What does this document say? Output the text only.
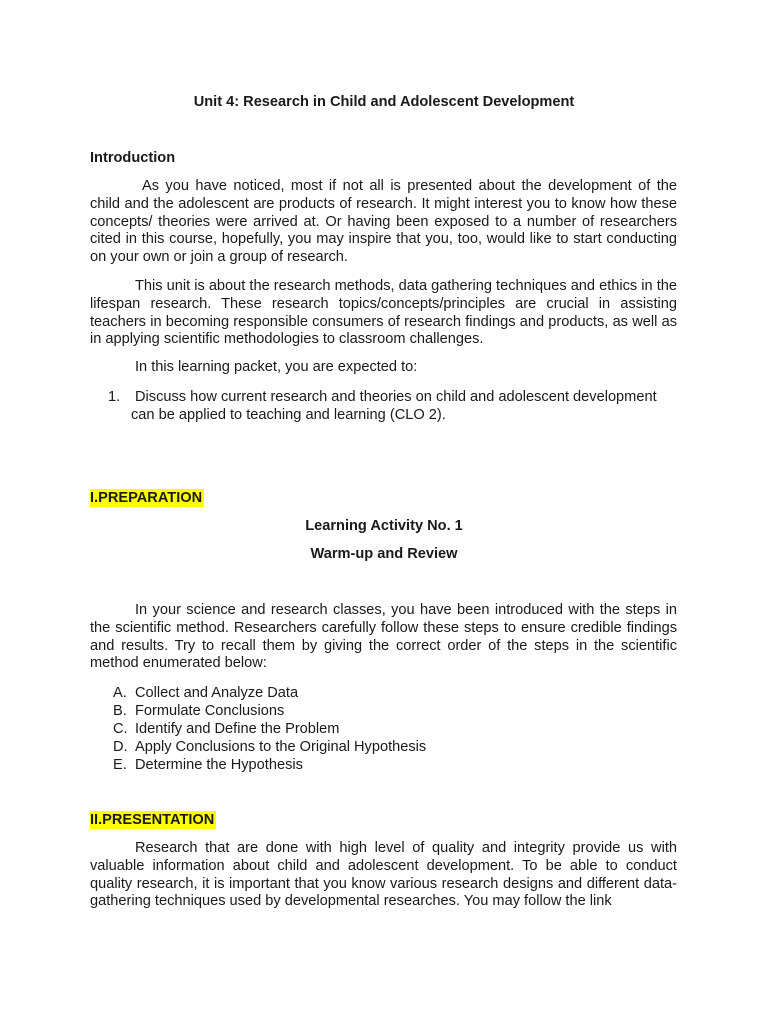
Unit 4: Research in Child and Adolescent Development
Introduction

As you have noticed, most if not all is presented about the development of the child and the adolescent are products of research. It might interest you to know how these concepts/ theories were arrived at. Or having been exposed to a number of researchers cited in this course, hopefully, you may inspire that you, too, would like to start conducting on your own or join a group of research.

This unit is about the research methods, data gathering techniques and ethics in the lifespan research. These research topics/concepts/principles are crucial in assisting teachers in becoming responsible consumers of research findings and products, as well as in applying scientific methodologies to classroom challenges.

In this learning packet, you are expected to:

1.	Discuss how current research and theories on child and adolescent development can be applied to teaching and learning (CLO 2).
I.PREPARATION
Learning Activity No. 1
Warm-up and Review

In your science and research classes, you have been introduced with the steps in the scientific method. Researchers carefully follow these steps to ensure credible findings and results. Try to recall them by giving the correct order of the steps in the scientific method enumerated below:

A. Collect and Analyze Data
B. Formulate Conclusions
C. Identify and Define the Problem
D. Apply Conclusions to the Original Hypothesis
E. Determine the Hypothesis
II.PRESENTATION

Research that are done with high level of quality and integrity provide us with valuable information about child and adolescent development. To be able to conduct quality research, it is important that you know various research designs and different data-gathering techniques used by developmental researches. You may follow the link
